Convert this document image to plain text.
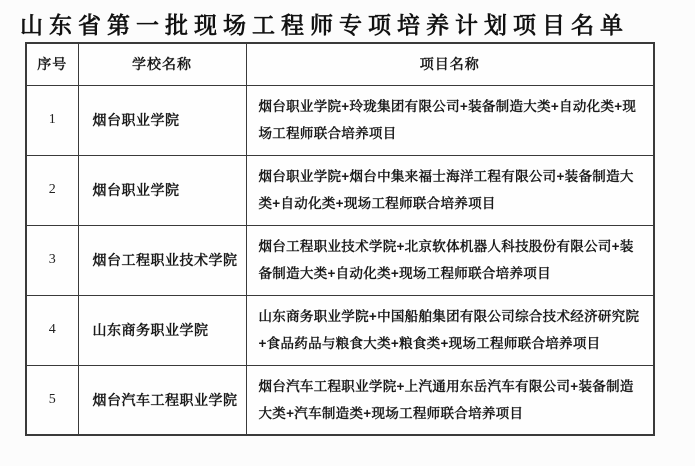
山东省第一批现场工程师专项培养计划项目名单
序号	学校名称	项目名称
1	烟台职业学院	烟台职业学院+玲珑集团有限公司+装备制造大类+自动化类+现场工程师联合培养项目
2	烟台职业学院	烟台职业学院+烟台中集来福士海洋工程有限公司+装备制造大类+自动化类+现场工程师联合培养项目
3	烟台工程职业技术学院	烟台工程职业技术学院+北京软体机器人科技股份有限公司+装备制造大类+自动化类+现场工程师联合培养项目
4	山东商务职业学院	山东商务职业学院+中国船舶集团有限公司综合技术经济研究院+食品药品与粮食大类+粮食类+现场工程师联合培养项目
5	烟台汽车工程职业学院	烟台汽车工程职业学院+上汽通用东岳汽车有限公司+装备制造大类+汽车制造类+现场工程师联合培养项目
